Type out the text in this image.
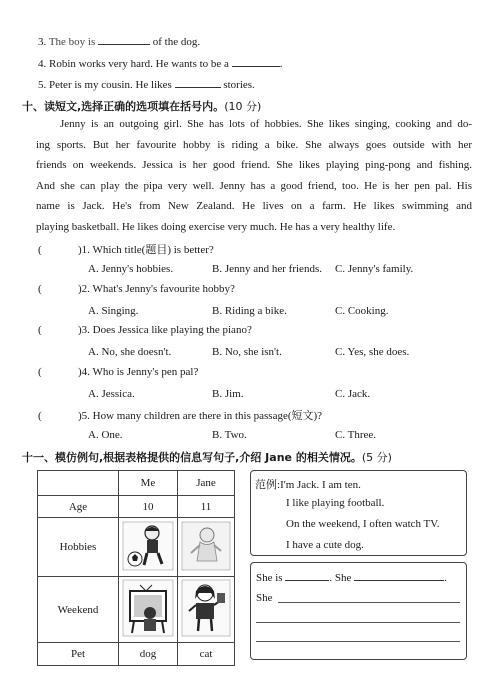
3. The boy is	of the dog.
4. Robin works very hard. He wants to be a	.
5. Peter is my cousin. He likes	stories.
十、读短文,选择正确的选项填在括号内。(10 分)
Jenny is an outgoing girl. She has lots of hobbies. She likes singing, cooking and do-
ing sports. But her favourite hobby is riding a bike. She always goes outside with her
friends on weekends. Jessica is her good friend. She likes playing ping-pong and fishing.
And she can play the pipa very well. Jenny has a good friend, too. He is her pen pal. His
name is Jack. He's from New Zealand. He lives on a farm. He likes swimming and
playing basketball. He likes doing exercise very much. He has a very healthy life.
(	)1. Which title(题目) is better?
A. Jenny's hobbies.	B. Jenny and her friends. C. Jenny's family.
(	)2. What's Jenny's favourite hobby?
A. Singing.	B. Riding a bike.	C. Cooking.
(	)3. Does Jessica like playing the piano?
A. No, she doesn't.	B. No, she isn't.	C. Yes, she does.
(	)4. Who is Jenny's pen pal?
A. Jessica.	B. Jim.	C. Jack.
(	)5. How many children are there in this passage(短文)?
A. One.	B. Two.	C. Three.
十一、模仿例句,根据表格提供的信息写句子,介绍 Jane 的相关情况。(5 分)
	Me	Jane
Age	10	11
Hobbies		
Weekend		
Pet	dog	cat
范例:I'm Jack. I am ten.
I like playing football.
On the weekend, I often watch TV.
I have a cute dog.
She is	. She	.
She
